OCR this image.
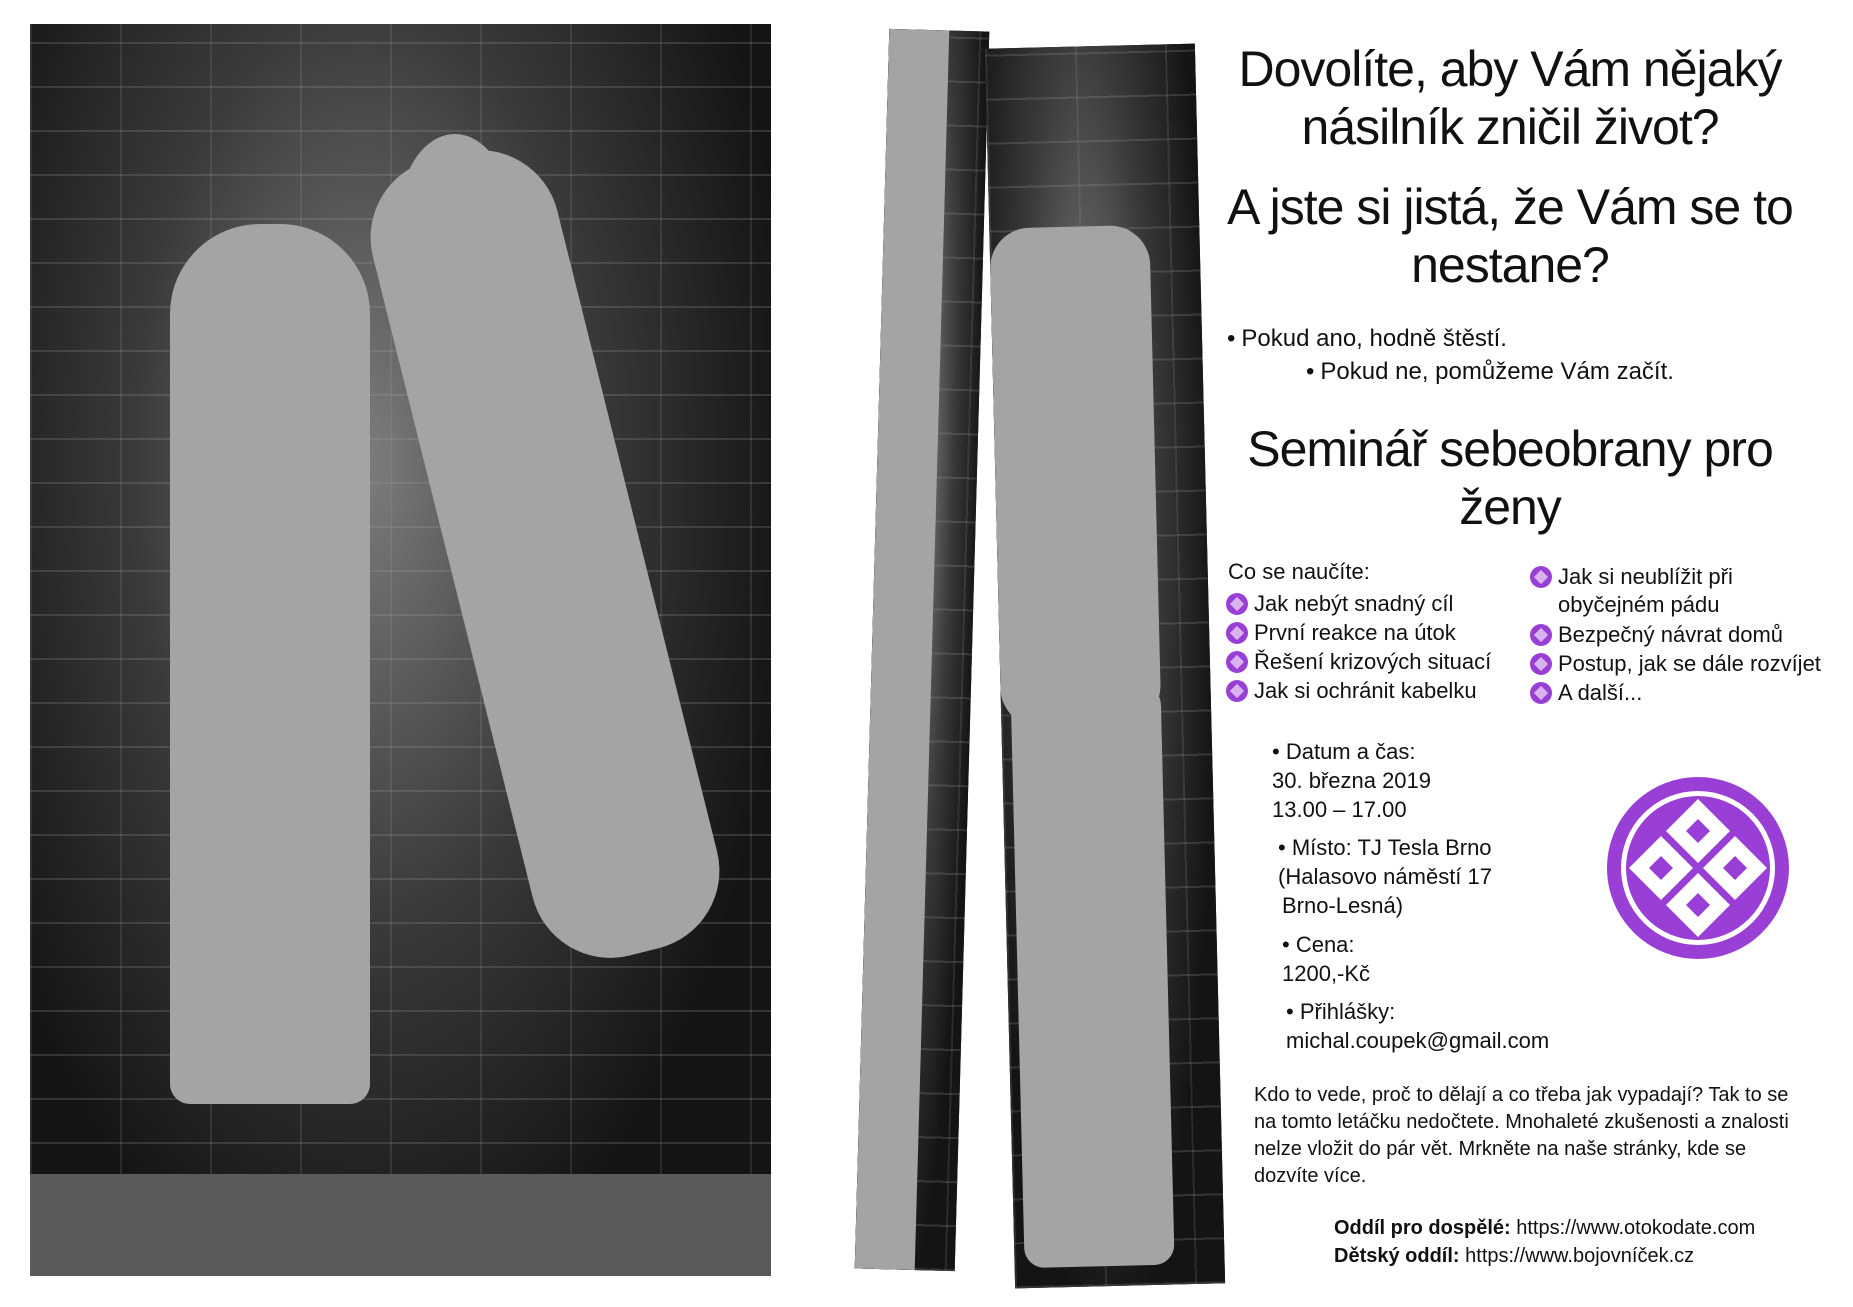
Dovolíte, aby Vám nějaký násilník zničil život?
A jste si jistá, že Vám se to nestane?
• Pokud ano, hodně štěstí.
• Pokud ne, pomůžeme Vám začít.
Seminář sebeobrany pro ženy
Co se naučíte:
Jak nebýt snadný cíl
První reakce na útok
Řešení krizových situací
Jak si ochránit kabelku
Jak si neublížit při obyčejném pádu
Bezpečný návrat domů
Postup, jak se dále rozvíjet
A další...
• Datum a čas:
30. března 2019
13.00 – 17.00
• Místo: TJ Tesla Brno
(Halasovo náměstí 17
Brno-Lesná)
• Cena:
1200,-Kč
• Přihlášky:
michal.coupek@gmail.com

Kdo to vede, proč to dělají a co třeba jak vypadají? Tak to se na tomto letáčku nedočtete. Mnohaleté zkušenosti a znalosti nelze vložit do pár vět. Mrkněte na naše stránky, kde se dozvíte více.

Oddíl pro dospělé: https://www.otokodate.com
Dětský oddíl: https://www.bojovníček.cz
